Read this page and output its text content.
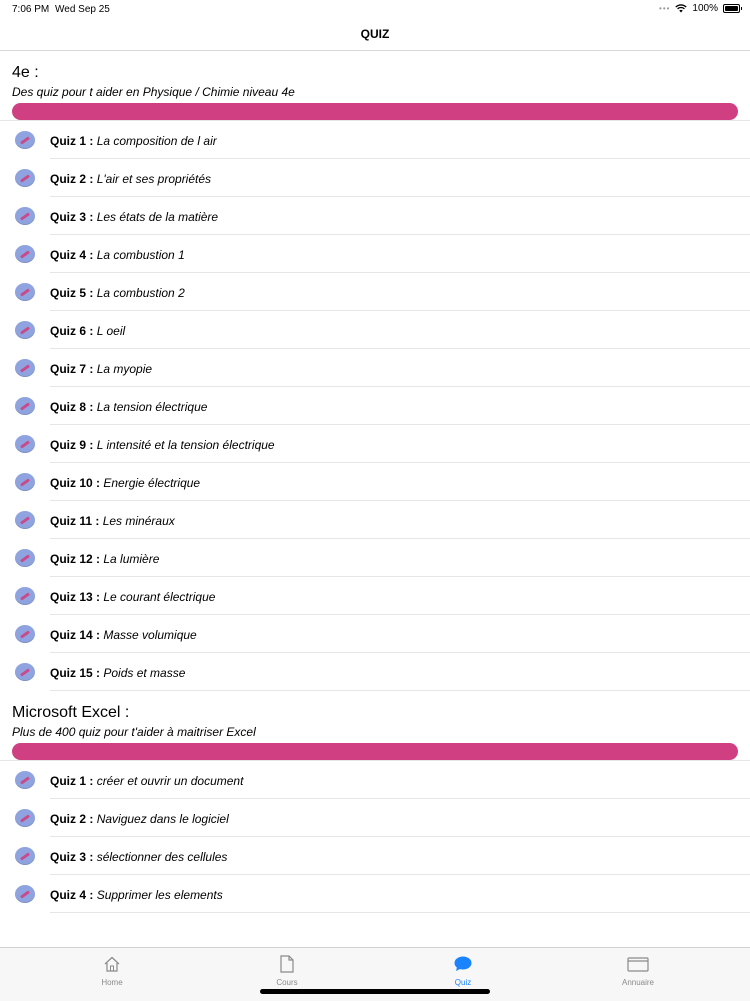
7:06 PM Wed Sep 25	••• 100%
QUIZ
4e :
Des quiz pour t aider en Physique / Chimie niveau 4e
Quiz 1 : La composition de l air
Quiz 2 : L'air et ses propriétés
Quiz 3 : Les états de la matière
Quiz 4 : La combustion 1
Quiz 5 : La combustion 2
Quiz 6 : L oeil
Quiz 7 : La myopie
Quiz 8 : La tension électrique
Quiz 9 : L intensité et la tension électrique
Quiz 10 : Energie électrique
Quiz 11 : Les minéraux
Quiz 12 : La lumière
Quiz 13 : Le courant électrique
Quiz 14 : Masse volumique
Quiz 15 : Poids et masse
Microsoft Excel :
Plus de 400 quiz pour t'aider à maitriser Excel
Quiz 1 : créer et ouvrir un document
Quiz 2 : Naviguez dans le logiciel
Quiz 3 : sélectionner des cellules
Quiz 4 : Supprimer les elements
Home	Cours	Quiz	Annuaire
